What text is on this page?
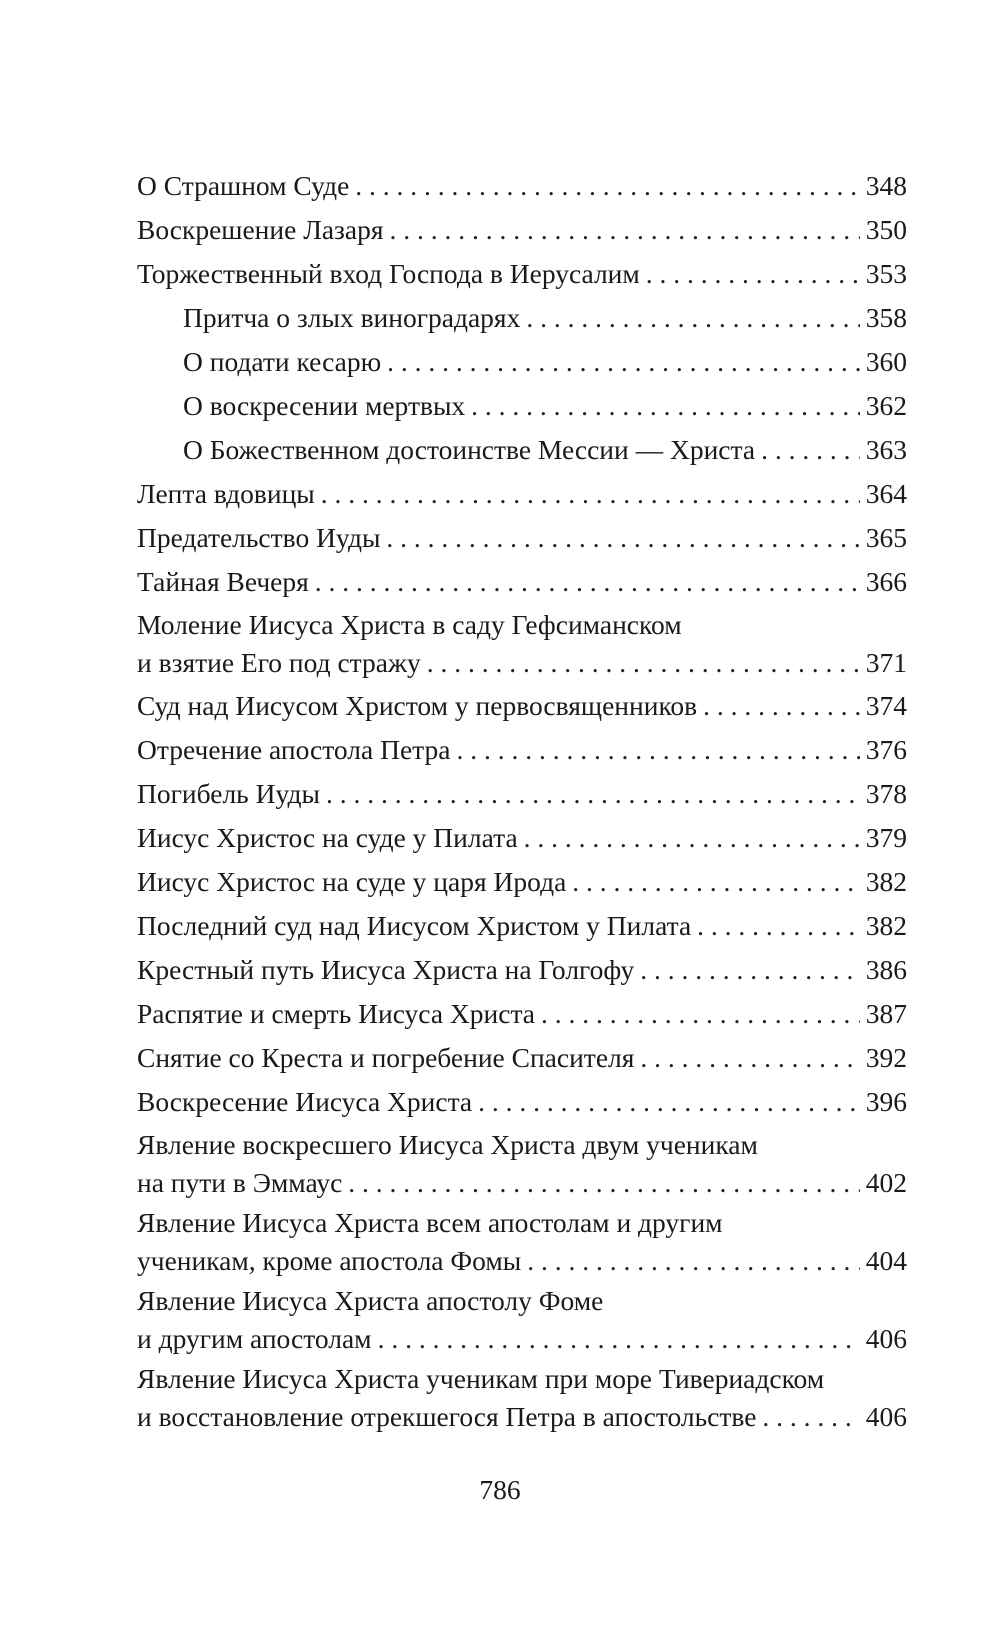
О Страшном Суде . . .	348
Воскрешение Лазаря . . .	350
Торжественный вход Господа в Иерусалим . . .	353
Притча о злых виноградарях . . .	358
О подати кесарю . . .	360
О воскресении мертвых . . .	362
О Божественном достоинстве Мессии — Христа . . .	363
Лепта вдовицы . . .	364
Предательство Иуды . . .	365
Тайная Вечеря . . .	366
Моление Иисуса Христа в саду Гефсиманском
и взятие Его под стражу . . .	371
Суд над Иисусом Христом у первосвященников . . .	374
Отречение апостола Петра . . .	376
Погибель Иуды . . .	378
Иисус Христос на суде у Пилата . . .	379
Иисус Христос на суде у царя Ирода . . .	382
Последний суд над Иисусом Христом у Пилата . . .	382
Крестный путь Иисуса Христа на Голгофу . . .	386
Распятие и смерть Иисуса Христа . . .	387
Снятие со Креста и погребение Спасителя . . .	392
Воскресение Иисуса Христа . . .	396
Явление воскресшего Иисуса Христа двум ученикам
на пути в Эммаус . . .	402
Явление Иисуса Христа всем апостолам и другим
ученикам, кроме апостола Фомы . . .	404
Явление Иисуса Христа апостолу Фоме
и другим апостолам . . .	406
Явление Иисуса Христа ученикам при море Тивериадском
и восстановление отрекшегося Петра в апостольстве . . .	406
786
